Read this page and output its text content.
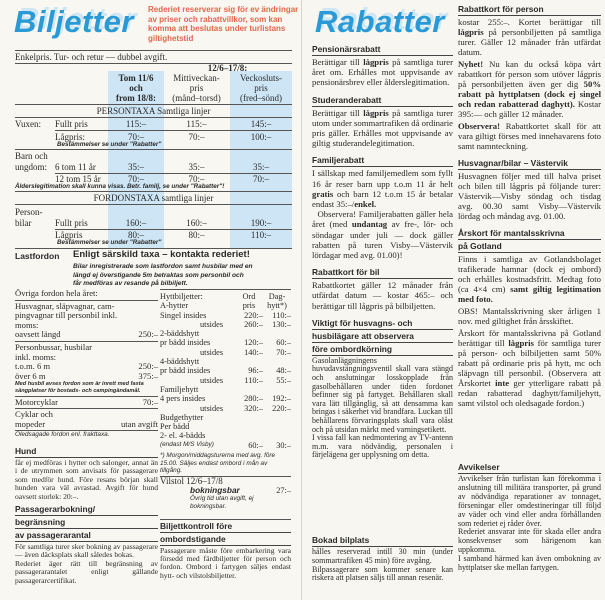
Biljetter Rederiet reserverar sig för ev ändringar av priser och rabattvillkor, som kan komma att beslutas under turlistans giltighetstid
Enkelpris. Tur- och retur — dubbel avgift.
12/6–17/8:
Tom 11/6
och
from 18/8:
Mittiveckan-
pris
(månd–torsd)
Veckosluts-
pris
(fred–sönd)
PERSONTAXA Samtliga linjer
Vuxen: Fullt pris	115:–	115:–	145:–
Lågpris:	70:–	70:–	100:–
Bestämmelser se under "Rabatter"
Barn och
ungdom: 6 tom 11 år	35:–	35:–	35:–
12 tom 15 år	70:–	70:–	70:–
Ålderslegitimation skall kunna visas. Betr. familj, se under "Rabatter"!
FORDONSTAXA samtliga linjer
Person-
bilar	Fullt pris	160:–	160:–	190:–
Lågpris	80:–	80:–	110:–
Bestämmelser se under "Rabatter"
Lastfordon Enligt särskild taxa – kontakta rederiet!
Bilar inregistrerade som lastfordon samt husbilar med en
längd ej överstigande 5m betraktas som personbil och
får medföras av resande på bilbiljett.
Övriga fordon hela året:
Husvagnar, släpvagnar, cam-
pingvagnar till personbil inkl.
moms:
oavsett längd	250:–
Personbussar, husbilar
inkl. moms:
t.o.m. 6 m	250:–
över 6 m	375:–
Med husbil avses fordon som är inrett med fasta sängplatser för bostads- och campingändamål.
Motorcyklar	70:–
Cyklar och
mopeder	utan avgift
Oledsagade fordon enl. frakttaxa.
Hund

får ej medföras i hytter och salonger, annat än i de utrymmen som anvisats för passagerare som medför hund. Före resans början skall hunden vara väl avrastad. Avgift för hund oavsett storlek: 20:–.

Passagerarbokning/
begränsning
av passagerarantal

För samtliga turer sker bokning av passagerare — även däcksplats skall således bokas.

Rederiet äger rätt till begränsning av passagerarantalet enligt gällande passagerarcertifikat.

Hyttbiljetter:	Ord Dag-
A-hytter	pris hytt*)
Singel insides	220:– 110:–
utsides	260:– 130:–
2-bäddshytt
pr bädd insides	120:– 60:–
utsides	140:– 70:–
4-bäddshytt
pr bädd insides	96:– 48:–
utsides	110:– 55:–
Familjehytt
4 pers insides	280:– 192:–
utsides	320:– 220:–
Budgethytter
Per bädd
2- el. 4-bädds
(endast M/S Visby)	60:– 30:–
*) Morgon/middagsturerna med avg. före 15.00. Säljes endast ombord i mån av tillgång.
Vilstol 12/6–17/8
bokningsbar	27:–
Övrig tid utan avgift, ej bokningsbar.
Biljettkontroll före
ombordstigande

Passagerare måste före embarkering vara försedd med färdbiljetter för person och fordon. Ombord i fartygen säljes endast hytt- och vilstolsbiljetter.

Rabatter
Pensionärsrabatt

Berättigar till lågpris på samtliga turer året om. Erhålles mot uppvisande av pensionärsbrev eller ålderslegitimation.

Studeranderabatt

Berättigar till lågpris på samtliga turer utom under sommartrafiken då ordinarie pris gäller. Erhålles mot uppvisande av giltig studerandelegitimation.

Familjerabatt

I sällskap med familjemedlem som fyllt 16 år reser barn upp t.o.m 11 år helt gratis och barn 12 t.o.m 15 år betalar endast 35:–/enkel.

Observera! Familjerabatten gäller hela året (med undantag av fre-, lör- och söndagar under juli — dock gäller rabatten på turen Visby—Västervik lördagar med avg. 01.00)!

Rabattkort för bil

Rabattkortet gäller 12 månader från utfärdat datum — kostar 465:– och berättigar till lågpris på bilbiljetten.

Viktigt för husvagns- och
husbilägare att observera
före ombordkörning

Gasolanläggningens huvudavstängningsventil skall vara stängd och anslutningar losskopplade från gasolbehållaren under tiden fordonet befinner sig på fartyget. Behållaren skall vara lätt tillgänglig, så att densamma kan bringas i säkerhet vid brandfara. Luckan till behållarens förvaringsplats skall vara olåst och på utsidan märkt med varningsetikett.

I vissa fall kan nedmontering av TV-antenn m.m. vara nödvändig, personalen i färjelägena ger upplysning om detta.

Bokad bilplats

hålles reserverad intill 30 min (under sommartrafiken 45 min) före avgång.

Bilpassagerare som kommer senare kan riskera att platsen säljs till annan resenär.

Rabattkort för person

kostar 255:–. Kortet berättigar till lågpris på personbiljetten på samtliga turer. Gäller 12 månader från utfärdat datum.

Nyhet! Nu kan du också köpa vårt rabattkort för person som utöver lågpris på personbiljetten även ger dig 50% rabatt på hyttplatsen (dock ej singel och redan rabatterad daghytt). Kostar 395:— och gäller 12 månader.

Observera! Rabattkortet skall för att vara giltigt förses med innehavarens foto samt namnteckning.

Husvagnar/bilar – Västervik

Husvagnen följer med till halva priset och bilen till lågpris på följande turer: Västervik—Visby söndag och tisdag avg. 00.30 samt Visby—Västervik lördag och måndag avg. 01.00.

Årskort för mantalsskrivna
på Gotland

Finns i samtliga av Gotlandsbolaget trafikerade hamnar (dock ej ombord) och erhålles kostnadsfritt. Medtag foto (ca 4×4 cm) samt giltig legitimation med foto.

OBS! Mantalsskrivning sker årligen 1 nov. med giltighet från årsskiftet.

Årskort för mantalsskrivna på Gotland berättigar till lågpris för samtliga turer på person- och bilbiljetten samt 50% rabatt på ordinarie pris på hytt, mc och släpvagn till personbil. (Observera att Årskortet inte ger ytterligare rabatt på redan rabatterad daghytt/familjehytt, samt vilstol och oledsagade fordon.)

Avvikelser

Avvikelser från turlistan kan förekomma i anslutning till militära transporter, på grund av nödvändiga reparationer av tonnaget, förseningar eller omdestineringar till följd av väder och vind eller andra förhållanden som rederiet ej råder över.

Rederiet ansvarar inte för skada eller andra konsekvenser som härigenom kan uppkomma.

I samband härmed kan även ombokning av hyttplatser ske mellan fartygen.
